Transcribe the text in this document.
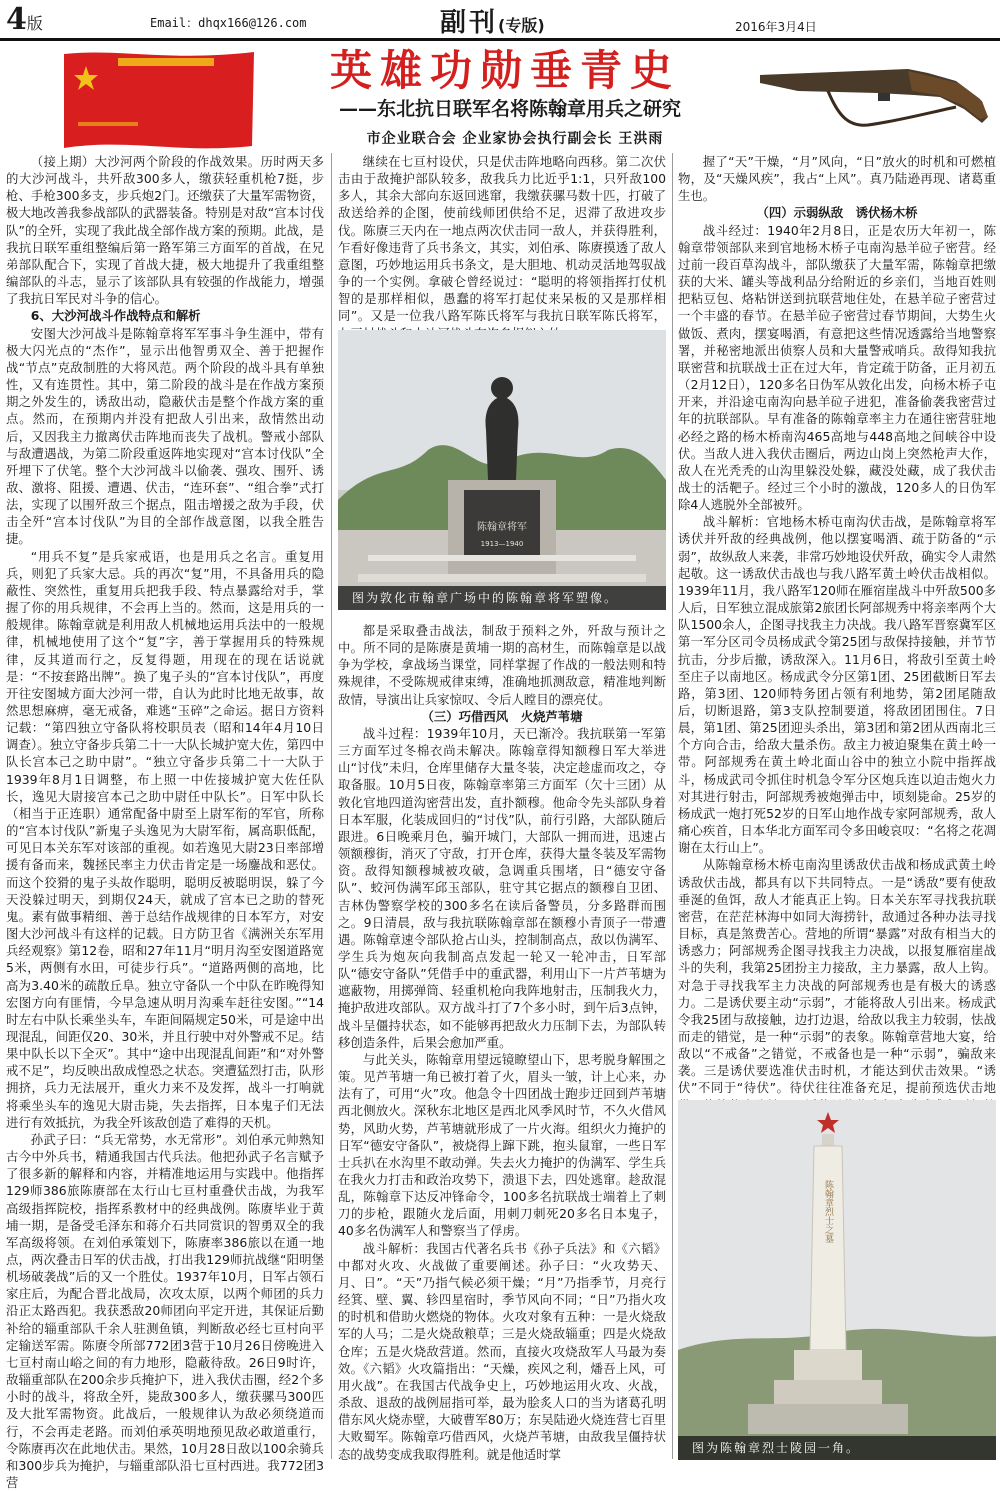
4版	Email：dhqx166@126.com	副刊(专版)	2016年3月4日
英雄功勋垂青史
——东北抗日联军名将陈翰章用兵之研究
市企业联合会 企业家协会执行副会长 王洪雨

（接上期）大沙河两个阶段的作战效果。历时两天多的大沙河战斗，共歼敌300多人，缴获轻重机枪7挺，步枪、手枪300多支，步兵炮2门。还缴获了大量军需物资，极大地改善我参战部队的武器装备。特别是对敌“宫本讨伐队”的全歼，实现了我此战全部作战方案的预期。此战，是我抗日联军重组整编后第一路军第三方面军的首战，在兄弟部队配合下，实现了首战大捷，极大地提升了我重组整编部队的斗志，显示了该部队具有较强的作战能力，增强了我抗日军民对斗争的信心。

6、大沙河战斗作战特点和解析

安图大沙河战斗是陈翰章将军军事斗争生涯中，带有极大闪光点的“杰作”，显示出他智勇双全、善于把握作战“节点”克敌制胜的大将风范。两个阶段的战斗具有单独性，又有连贯性。其中，第二阶段的战斗是在作战方案预期之外发生的，诱敌出动，隐蔽伏击是整个作战方案的重点。然而，在预期内并没有把敌人引出来，敌情然出动后，又因我主力撤离伏击阵地而丧失了战机。警戒小部队与敌遭遇战，为第二阶段重返阵地实现对“宫本讨伐队”全歼埋下了伏笔。整个大沙河战斗以偷袭、强攻、围歼、诱敌、激将、阻援、遭遇、伏击，“连环套”、“组合拳”式打法，实现了以围歼敌三个据点，阻击增援之敌为手段，伏击全歼“宫本讨伐队”为目的全部作战意图，以我全胜告捷。

“用兵不复”是兵家戒语，也是用兵之名言。重复用兵，则犯了兵家大忌。兵的再次“复”用，不具备用兵的隐蔽性、突然性，重复用兵把我手段、特点暴露给对手，掌握了你的用兵规律，不会再上当的。然而，这是用兵的一般规律。陈翰章就是利用敌人机械地运用兵法中的一般规律，机械地使用了这个“复”字，善于掌握用兵的特殊规律，反其道而行之，反复得题，用现在的现在话说就是：“不按套路出牌”。换了鬼子头的“宫本讨伐队”，再度开往安图城方面大沙河一带，自认为此时比地无故事，故然思想麻痹，毫无戒备，难逃“玉碎”之命运。据日方资料记载：“第四独立守备队将校职员表（昭和14年4月10日调查）。独立守备步兵第二十一大队长城护宽大佐，第四中队长宫本己之助中尉”。“独立守备步兵第二十一大队于1939年8月1日调整，布上照一中佐接城护宽大佐任队长，逸见大尉接宫本己之助中尉任中队长”。日军中队长（相当于正连职）通常配备中尉至上尉军衔的军官，所称的“宫本讨伐队”新鬼子头逸见为大尉军衔，属高职低配，可见日本关东军对该部的重视。如若逸见大尉23日率部增援有备而来，魏拯民率主力伏击肯定是一场鏖战和恶仗。而这个狡猾的鬼子头故作聪明，聪明反被聪明误，躲了今天没躲过明天，到期仅24天，就成了宫本已之助的替死鬼。素有做事精细、善于总结作战规律的日本军方，对安图大沙河战斗有这样的记载。日方防卫省《满洲关东军用兵经观察》第12卷，昭和27年11月“明月沟至安图道路宽5米，两侧有水田，可徒步行兵”。“道路两侧的高地，比高为3.40米的疏散丘阜。独立守备队一个中队在昨晚得知宏图方向有匪情，今早急速从明月沟乘车赶往安图。”“14时左右中队长乘坐头车，车距间隔规定50米，可是途中出现混乱，间距仅20、30米，并且行驶中对外警戒不足。结果中队长以下全灭”。其中“途中出现混乱间距”和“对外警戒不足”，均反映出敌成惶恐之状态。突遭猛烈打击，队形拥挤，兵力无法展开，重火力来不及发挥，战斗一打响就将乘坐头车的逸见大尉击毙，失去指挥，日本鬼子们无法进行有效抵抗，为我全歼该敌创造了难得的天机。

孙武子曰：“兵无常势，水无常形”。刘伯承元帅熟知古今中外兵书，精通我国古代兵法。他把孙武子名言赋予了很多新的解释和内容，并精准地运用与实践中。他指挥129师386旅陈赓部在太行山七亘村重叠伏击战，为我军高级指挥院校，指挥系教材中的经典战例。陈赓毕业于黄埔一期，是备受毛泽东和蒋介石共同赏识的智勇双全的我军高级将领。在刘伯承策划下，陈赓率386旅以在通一地点，两次叠击日军的伏击战，打出我129师抗战继“阳明堡机场破袭战”后的又一个胜仗。1937年10月，日军占领石家庄后，为配合晋北战局，次攻太原，以两个师团的兵力沿正太路西犯。我获悉敌20师团向平定开进，其保证后勤补给的辎重部队千余人驻测鱼镇，判断敌必经七亘村向平定输送军需。陈赓令所部772团3营于10月26日傍晚进入七亘村南山峪之间的有力地形，隐蔽待敌。26日9时许，敌辎重部队在200余步兵掩护下，进入我伏击圈，经2个多小时的战斗，将敌全歼，毙敌300多人，缴获骡马300匹及大批军需物资。此战后，一般规律认为敌必须绕道而行，不会再走老路。而刘伯承英明地预见敌必敢道重行，令陈赓再次在此地伏击。果然，10月28日敌以100余骑兵和300步兵为掩护，与辎重部队沿七亘村西进。我772团3营

继续在七亘村设伏，只是伏击阵地略向西移。第二次伏击由于敌掩护部队较多，敌我兵力比近乎1:1，只歼敌100多人，其余大部向东返回逃窜，我缴获骡马数十匹，打破了敌送给养的企图，使前线师团供给不足，迟滞了敌进攻步伐。陈赓三天内在一地点两次伏击同一敌人，并获得胜利，乍看好像违背了兵书条文，其实，刘伯承、陈赓摸透了敌人意图，巧妙地运用兵书条文，是大胆地、机动灵活地驾驭战争的一个实例。拿破仑曾经说过：“聪明的将领指挥打仗机智的是那样相似，愚蠢的将军打起仗来呆板的又是那样相同”。又是一位我八路军陈氏将军与我抗日联军陈氏将军，

陈翰章将军
1913—1940
图为敦化市翰章广场中的陈翰章将军塑像。

都是采取叠击战法，制敌于预料之外，歼敌与预计之中。所不同的是陈赓是黄埔一期的高材生，而陈翰章是以战争为学校，拿战场当课堂，同样掌握了作战的一般法则和特殊规律，不受陈规戒律束缚，准确地抓测敌意，精准地判断敌情，导演出让兵家惊叹、令后人瞠目的漂亮仗。

（三）巧借西风　火烧芦苇塘

战斗过程：1939年10月，天已渐冷。我抗联第一军第三方面军过冬棉衣尚未解决。陈翰章得知额穆日军大举进山“讨伐”未归，仓库里储存大量冬装，决定趁虚而攻之，夺取备服。10月5日夜，陈翰章率第三方面军（欠十三团）从敦化官地四道沟密营出发，直扑额穆。他命令先头部队身着日本军服，化装成回归的“讨伐”队，前行引路，大部队随后跟进。6日晚乘月色，骗开城门，大部队一拥而进，迅速占领额穆街，消灭了守敌，打开仓库，获得大量冬装及军需物资。敌得知额穆城被攻破，急调重兵围堵，日“德安守备队”、蛟河伪满军邱玉部队，驻守其它据点的额穆自卫团、吉林伪警察学校的300多名在读后备警员，分多路群而围之。9日清晨，敌与我抗联陈翰章部在额穆小青顶子一带遭遇。陈翰章速令部队抢占山头，控制制高点，敌以伪满军、学生兵为炮灰向我制高点发起一轮又一轮冲击，日军部队“德安守备队”凭借手中的重武器，利用山下一片芦苇塘为遮蔽物，用掷弹筒、轻重机枪向我阵地射击，压制我火力，掩护敌进攻部队。双方战斗打了7个多小时，到午后3点钟，战斗呈僵持状态，如不能够再把敌火力压制下去，为部队转移创造条件，后果会愈加严重。

与此关头，陈翰章用望远镜瞭望山下，思考脱身解围之策。见芦苇塘一角已被打着了火，眉头一皱，计上心来，办法有了，可用“火”攻。他急令十四团战士跑步迂回到芦苇塘西北侧放火。深秋东北地区是西北风季风时节，不久火借风势，风助火势，芦苇塘就形成了一片火海。组织火力掩护的日军“德安守备队”，被烧得上蹿下跳，抱头鼠窜，一些日军士兵扒在水沟里不敢动弹。失去火力掩护的伪满军、学生兵在我火力打击和政治攻势下，溃退下去，四处逃窜。趁敌混乱，陈翰章下达反冲锋命令，100多名抗联战士端着上了刺刀的步枪，跟随火龙后面，用刺刀刺死20多名日本鬼子，40多名伪满军人和警察当了俘虏。

战斗解析：我国古代著名兵书《孙子兵法》和《六韬》中都对火攻、火战做了重要阐述。孙子曰：“火攻势天、月、日”。“天”乃指气候必须干燥；“月”乃指季节，月亮行经箕、壁、翼、轸四星宿时，季节风向不同；“日”乃指火攻的时机和借助火燃烧的物体。火攻对象有五种：一是火烧敌军的人马；二是火烧敌粮草；三是火烧敌辎重；四是火烧敌仓库；五是火烧敌营道。然而，直接火攻烧敌军人马最为奏效。《六韬》火攻篇指出：“天燥，疾风之利，燔吾上风，可用火战”。在我国古代战争史上，巧妙地运用火攻、火战，杀敌、退敌的战例屈指可举，最为脍炙人口的当为诸葛孔明借东风火烧赤壁，大破曹军80万；东吴陆逊火烧连营七百里大败蜀军。陈翰章巧借西风，火烧芦苇塘，由敌我呈僵持状态的战势变成我取得胜利。就是他适时掌

握了“天”干燥，“月”风向，“日”放火的时机和可燃植物，及“天燥风疾”，我占“上风”。真乃陆逊再现、诸葛重生也。

（四）示弱纵敌　诱伏杨木桥

战斗经过：1940年2月8日，正是农历大年初一，陈翰章带领部队来到官地杨木桥子屯南沟悬羊砬子密营。经过前一段百草沟战斗，部队缴获了大量军需，陈翰章把缴获的大米、罐头等战利品分给附近的乡亲们，当地百姓则把粘豆包、烙粘饼送到抗联营地住处，在悬羊砬子密营过一个丰盛的春节。在悬羊砬子密营过春节期间，大势生火做饭、煮肉，摆宴喝酒，有意把这些情况透露给当地警察署，并秘密地派出侦察人员和大量警戒哨兵。敌得知我抗联密营和抗联战士正在过大年，肯定疏于防备，正月初五（2月12日），120多名日伪军从敦化出发，向杨木桥子屯开来，并沿途屯南沟向悬羊砬子进犯，准备偷袭我密营过年的抗联部队。早有准备的陈翰章率主力在通往密营驻地必经之路的杨木桥南沟465高地与448高地之间峡谷中设伏。当敌人进入我伏击圈后，两边山岗上突然枪声大作，敌人在光秃秃的山沟里躲没处躲，藏没处藏，成了我伏击战士的活靶子。经过三个小时的激战，120多人的日伪军除4人逃脱外全部被歼。

战斗解析：官地杨木桥屯南沟伏击战，是陈翰章将军诱伏并歼敌的经典战例，他以摆宴喝酒、疏于防备的“示弱”，故纵敌人来袭，非常巧妙地设伏歼敌，确实令人肃然起敬。这一诱敌伏击战也与我八路军黄土岭伏击战相似。1939年11月，我八路军120师在雁宿崖战斗中歼敌500多人后，日军独立混成旅第2旅团长阿部规秀中将亲率两个大队1500余人，企图寻找我主力决战。我八路军晋察冀军区第一军分区司令员杨成武令第25团与敌保持接触，并节节抗击，分步后撤，诱敌深入。11月6日，将敌引至黄土岭至庄子以南地区。杨成武令分区第1团、25团截断日军去路，第3团、120师特务团占领有利地势，第2团尾随敌后，切断退路，第3支队控制要道，将敌团团围住。7日晨，第1团、第25团迎头杀出，第3团和第2团从西南北三个方向合击，给敌大量杀伤。敌主力被迫聚集在黄土岭一带。阿部规秀在黄土岭北面山谷中的独立小院中指挥战斗，杨成武司令抓住时机急令军分区炮兵连以迫击炮火力对其进行射击，阿部规秀被炮弹击中，顷刻毙命。25岁的杨成武一炮打死52岁的日军山地作战专家阿部规秀，敌人痛心疾首，日本华北方面军司令多田峻哀叹：“名将之花凋谢在太行山上”。

从陈翰章杨木桥屯南沟里诱敌伏击战和杨成武黄土岭诱敌伏击战，都具有以下共同特点。一是“诱敌”要有使敌垂涎的鱼饵，敌人才能真正上钩。日本关东军寻找我抗联密营，在茫茫林海中如同大海捞针，敌通过各种办法寻找目标，真是煞费苦心。营地的所谓“暴露”对敌有相当大的诱惑力；阿部规秀企图寻找我主力决战，以报复雁宿崖战斗的失利，我第25团扮主力接敌，主力暴露，敌人上钩。对急于寻找我军主力决战的阿部规秀也是有极大的诱惑力。二是诱伏要主动“示弱”，才能将敌人引出来。杨成武令我25团与敌接触，边打边退，给敌以我主力较弱，怯战而走的错觉，是一种“示弱”的表象。陈翰章营地大宴，给敌以“不戒备”之错觉，不戒备也是一种“示弱”，骗敌来袭。三是诱伏要选准伏击时机，才能达到伏击效果。“诱伏”不同于“待伏”。待伏往往准备充足，提前预选伏击地

陈翰章烈士之墓
图为陈翰章烈士陵园一角。
